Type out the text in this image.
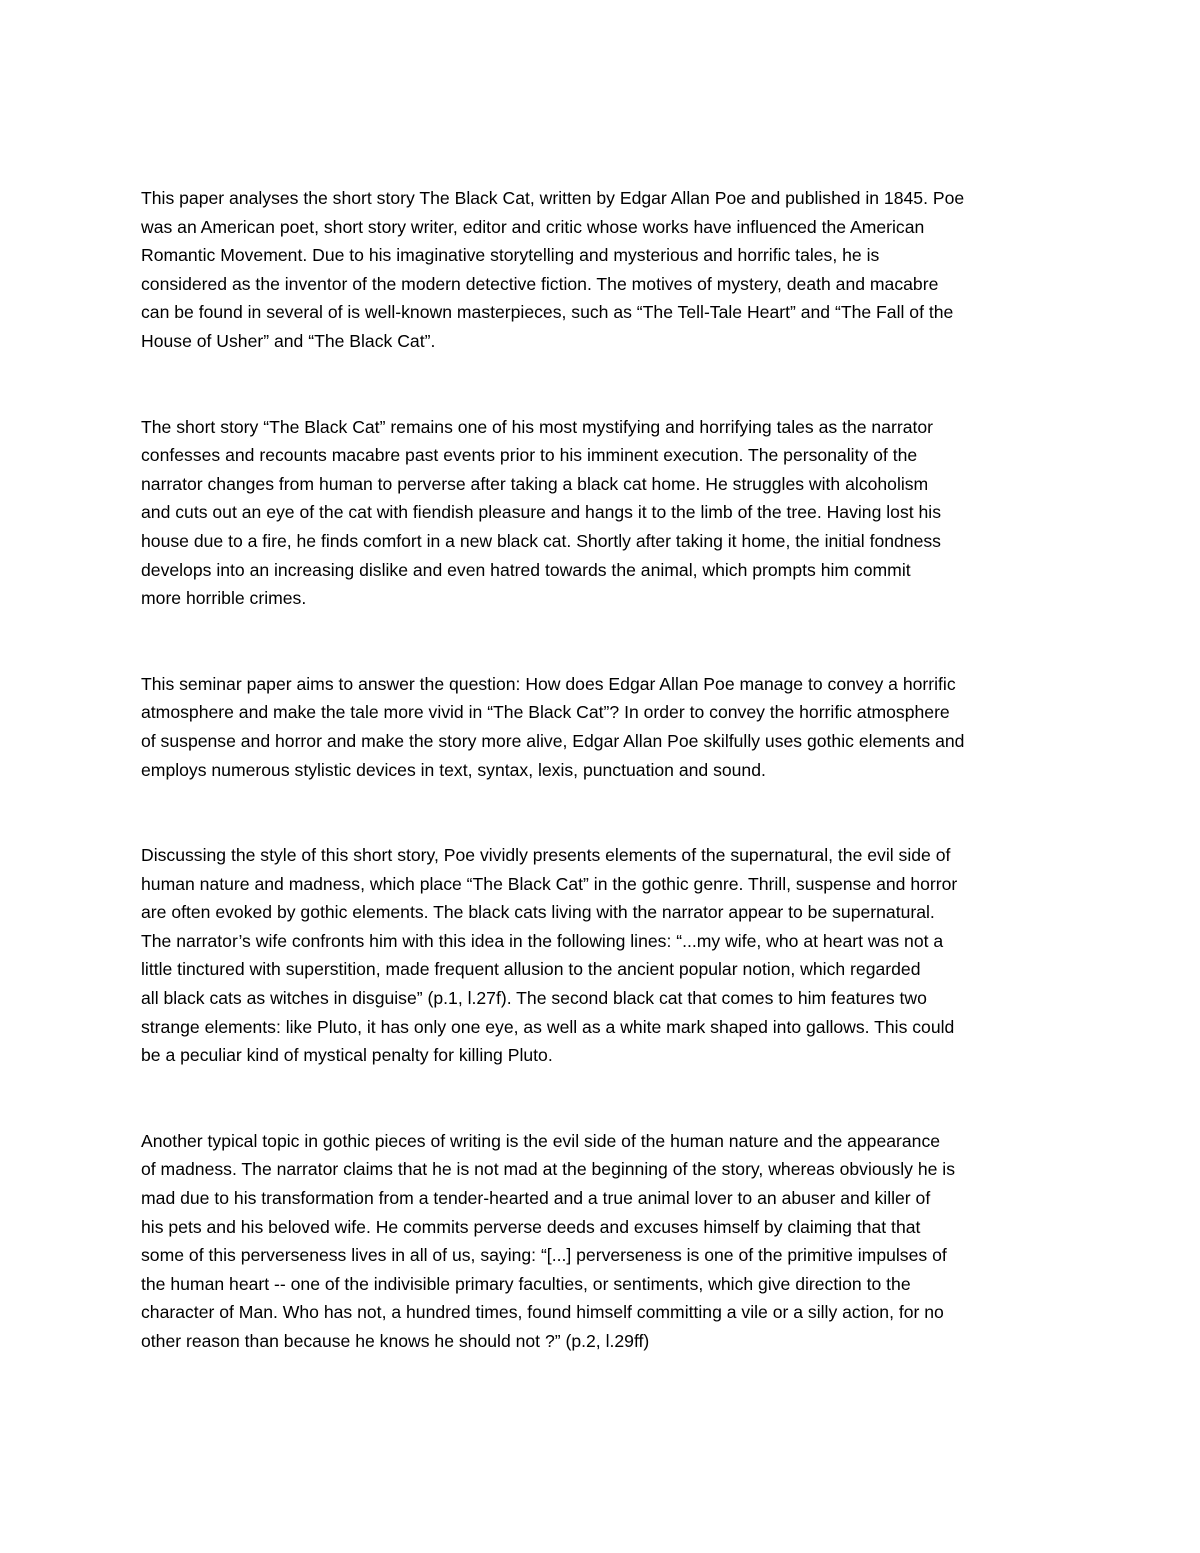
This paper analyses the short story The Black Cat, written by Edgar Allan Poe and published in 1845. Poe
was an American poet, short story writer, editor and critic whose works have influenced the American
Romantic Movement. Due to his imaginative storytelling and mysterious and horrific tales, he is
considered as the inventor of the modern detective fiction. The motives of mystery, death and macabre
can be found in several of is well-known masterpieces, such as “The Tell-Tale Heart” and “The Fall of the
House of Usher” and “The Black Cat”.

The short story “The Black Cat” remains one of his most mystifying and horrifying tales as the narrator
confesses and recounts macabre past events prior to his imminent execution. The personality of the
narrator changes from human to perverse after taking a black cat home. He struggles with alcoholism
and cuts out an eye of the cat with fiendish pleasure and hangs it to the limb of the tree. Having lost his
house due to a fire, he finds comfort in a new black cat. Shortly after taking it home, the initial fondness
develops into an increasing dislike and even hatred towards the animal, which prompts him commit
more horrible crimes.

This seminar paper aims to answer the question: How does Edgar Allan Poe manage to convey a horrific
atmosphere and make the tale more vivid in “The Black Cat”? In order to convey the horrific atmosphere
of suspense and horror and make the story more alive, Edgar Allan Poe skilfully uses gothic elements and
employs numerous stylistic devices in text, syntax, lexis, punctuation and sound.

Discussing the style of this short story, Poe vividly presents elements of the supernatural, the evil side of
human nature and madness, which place “The Black Cat” in the gothic genre. Thrill, suspense and horror
are often evoked by gothic elements. The black cats living with the narrator appear to be supernatural.
The narrator’s wife confronts him with this idea in the following lines: “...my wife, who at heart was not a
little tinctured with superstition, made frequent allusion to the ancient popular notion, which regarded
all black cats as witches in disguise” (p.1, l.27f). The second black cat that comes to him features two
strange elements: like Pluto, it has only one eye, as well as a white mark shaped into gallows. This could
be a peculiar kind of mystical penalty for killing Pluto.

Another typical topic in gothic pieces of writing is the evil side of the human nature and the appearance
of madness. The narrator claims that he is not mad at the beginning of the story, whereas obviously he is
mad due to his transformation from a tender-hearted and a true animal lover to an abuser and killer of
his pets and his beloved wife. He commits perverse deeds and excuses himself by claiming that that
some of this perverseness lives in all of us, saying: “[...] perverseness is one of the primitive impulses of
the human heart -- one of the indivisible primary faculties, or sentiments, which give direction to the
character of Man. Who has not, a hundred times, found himself committing a vile or a silly action, for no
other reason than because he knows he should not ?” (p.2, l.29ff)
